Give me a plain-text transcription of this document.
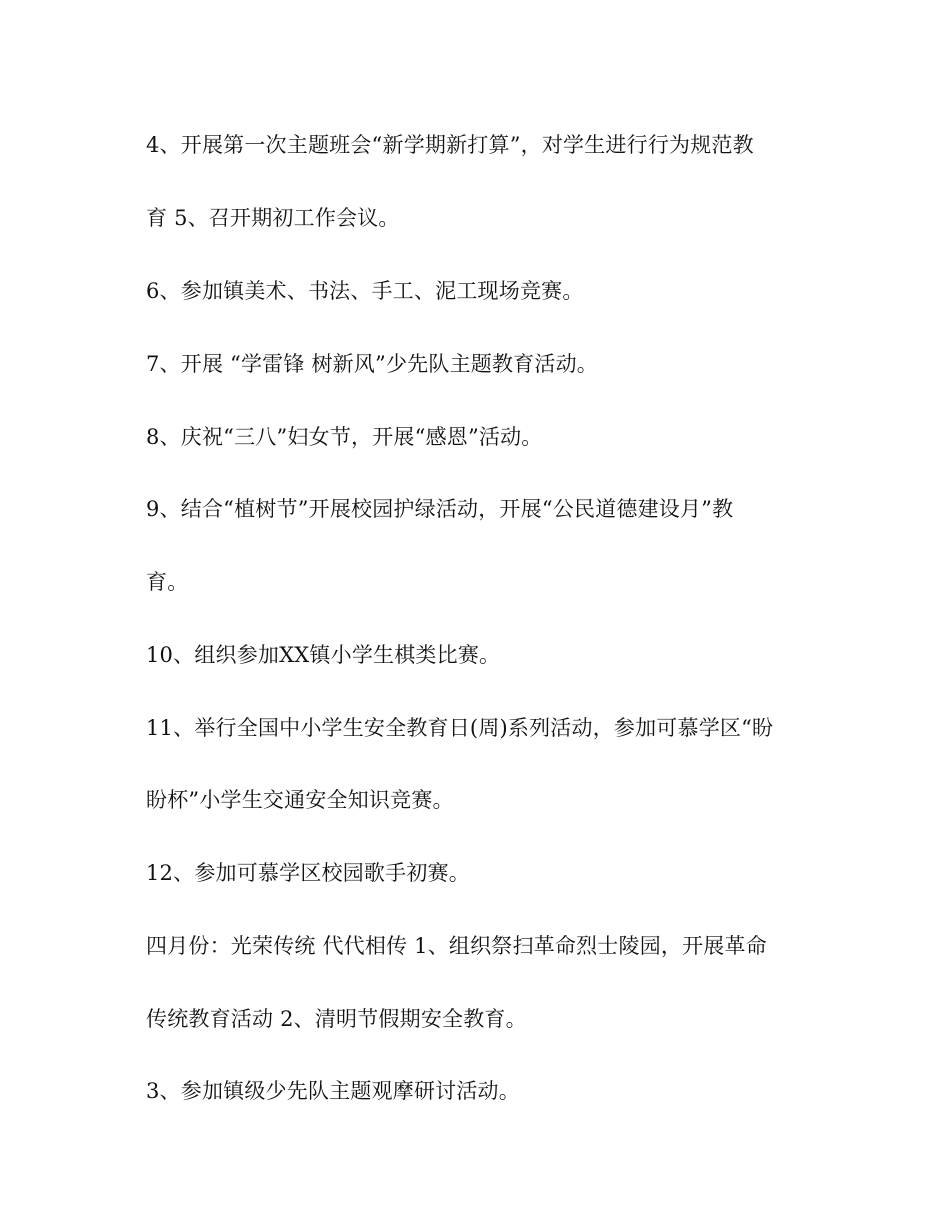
4、开展第一次主题班会“新学期新打算”，对学生进行行为规范教
育 5、召开期初工作会议。
6、参加镇美术、书法、手工、泥工现场竞赛。
7、开展 “学雷锋 树新风”少先队主题教育活动。
8、庆祝“三八”妇女节，开展“感恩”活动。
9、结合“植树节”开展校园护绿活动，开展“公民道德建设月”教
育。
10、组织参加XX镇小学生棋类比赛。
11、举行全国中小学生安全教育日(周)系列活动，参加可慕学区“盼
盼杯”小学生交通安全知识竞赛。
12、参加可慕学区校园歌手初赛。
四月份：光荣传统 代代相传 1、组织祭扫革命烈士陵园，开展革命
传统教育活动 2、清明节假期安全教育。
3、参加镇级少先队主题观摩研讨活动。
